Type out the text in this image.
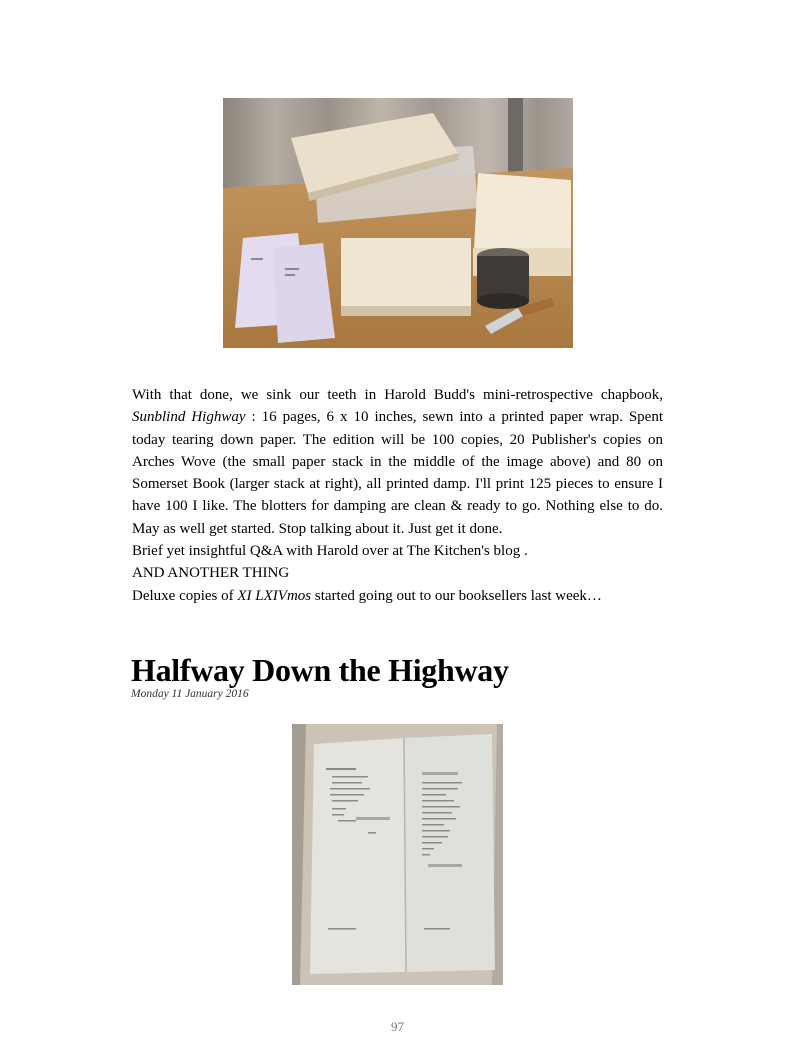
With that done, we sink our teeth in Harold Budd's mini-retrospective chapbook, Sunblind Highway : 16 pages, 6 x 10 inches, sewn into a printed paper wrap. Spent today tearing down paper. The edition will be 100 copies, 20 Publisher's copies on Arches Wove (the small paper stack in the middle of the image above) and 80 on Somerset Book (larger stack at right), all printed damp. I'll print 125 pieces to ensure I have 100 I like. The blotters for damping are clean & ready to go. Nothing else to do. May as well get started. Stop talking about it. Just get it done.

Brief yet insightful Q&A with Harold over at The Kitchen's blog .

AND ANOTHER THING

Deluxe copies of XI LXIVmos started going out to our booksellers last week…

Halfway Down the Highway
Monday 11 January 2016
97
